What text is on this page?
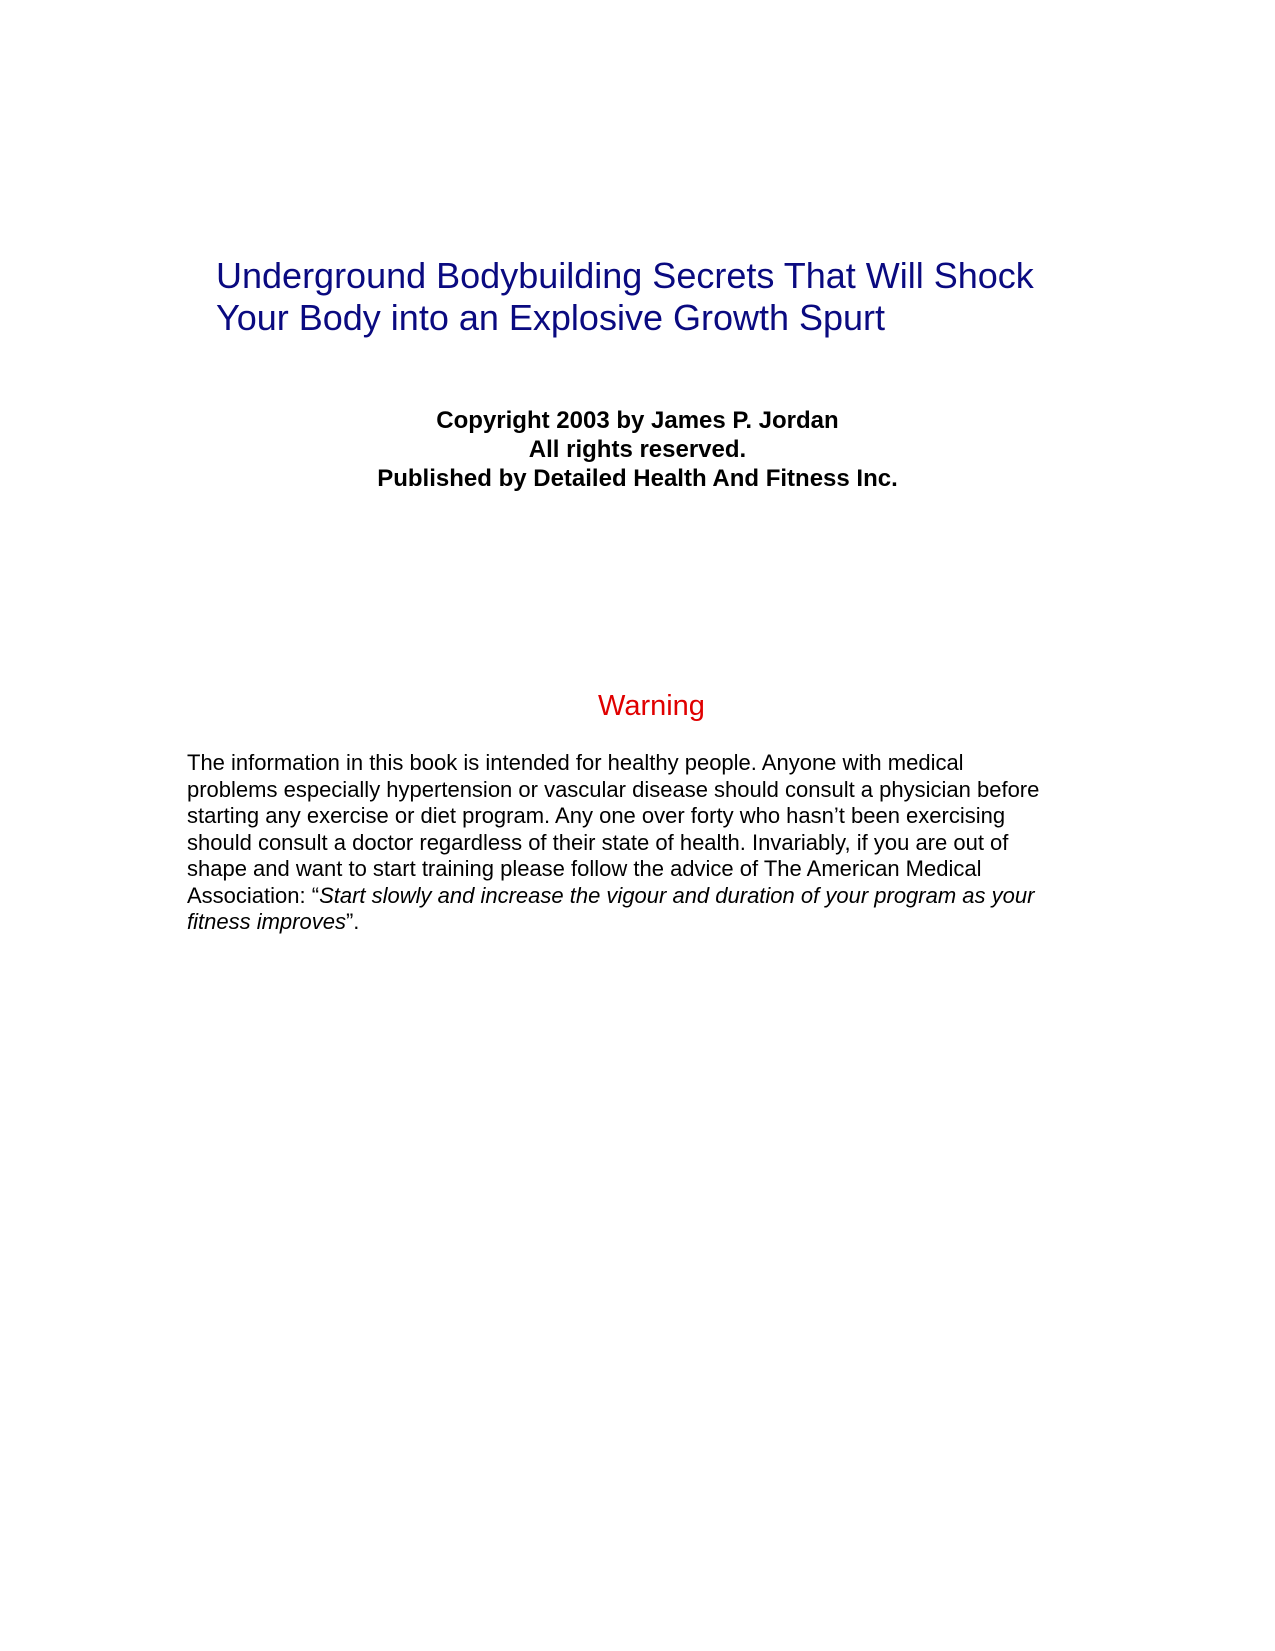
Underground Bodybuilding Secrets That Will Shock
Your Body into an Explosive Growth Spurt
Copyright 2003 by James P. Jordan
All rights reserved.
Published by Detailed Health And Fitness Inc.
Warning
The information in this book is intended for healthy people. Anyone with medical
problems especially hypertension or vascular disease should consult a physician before
starting any exercise or diet program. Any one over forty who hasn’t been exercising
should consult a doctor regardless of their state of health. Invariably, if you are out of
shape and want to start training please follow the advice of The American Medical
Association: “Start slowly and increase the vigour and duration of your program as your
fitness improves”.
